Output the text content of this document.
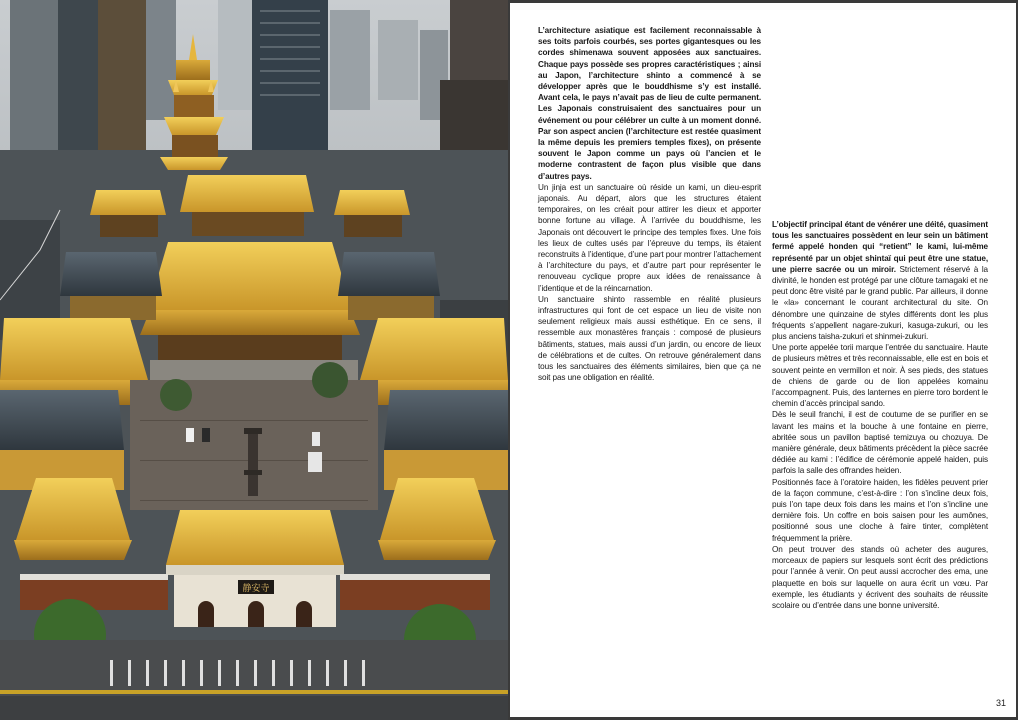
静安寺

L’architecture asiatique est facilement reconnaissable à ses toits parfois courbés, ses portes gigantesques ou les cordes shimenawa souvent apposées aux sanctuaires. Chaque pays possède ses propres caractéristiques ; ainsi au Japon, l’architecture shinto a commencé à se développer après que le bouddhisme s’y est installé. Avant cela, le pays n’avait pas de lieu de culte permanent. Les Japonais construisaient des sanctuaires pour un événement ou pour célébrer un culte à un moment donné. Par son aspect ancien (l’architecture est restée quasiment la même depuis les premiers temples fixes), on présente souvent le Japon comme un pays où l’ancien et le moderne contrastent de façon plus visible que dans d’autres pays.

Un jinja est un sanctuaire où réside un kami, un dieu-esprit japonais. Au départ, alors que les structures étaient temporaires, on les créait pour attirer les dieux et apporter bonne fortune au village. À l’arrivée du bouddhisme, les Japonais ont découvert le principe des temples fixes. Une fois les lieux de cultes usés par l’épreuve du temps, ils étaient reconstruits à l’identique, d’une part pour montrer l’attachement à l’architecture du pays, et d’autre part pour représenter le renouveau cyclique propre aux idées de renaissance à l’identique et de la réincarnation.

Un sanctuaire shinto rassemble en réalité plusieurs infrastructures qui font de cet espace un lieu de visite non seulement religieux mais aussi esthétique. En ce sens, il ressemble aux monastères français : composé de plusieurs bâtiments, statues, mais aussi d’un jardin, ou encore de lieux de célébrations et de cultes. On retrouve généralement dans tous les sanctuaires des éléments similaires, bien que ça ne soit pas une obligation en réalité.

L’objectif principal étant de vénérer une déité, quasiment tous les sanctuaires possèdent en leur sein un bâtiment fermé appelé honden qui “retient” le kami, lui-même représenté par un objet shintaï qui peut être une statue, une pierre sacrée ou un miroir. Strictement réservé à la divinité, le honden est protégé par une clôture tamagaki et ne peut donc être visité par le grand public. Par ailleurs, il donne le «la» concernant le courant architectural du site. On dénombre une quinzaine de styles différents dont les plus fréquents s’appellent nagare-zukuri, kasuga-zukuri, ou les plus anciens taisha-zukuri et shinmei-zukuri.

Une porte appelée torii marque l’entrée du sanctuaire. Haute de plusieurs mètres et très reconnaissable, elle est en bois et souvent peinte en vermillon et noir. À ses pieds, des statues de chiens de garde ou de lion appelées komainu l’accompagnent. Puis, des lanternes en pierre toro bordent le chemin d’accès principal sando.

Dès le seuil franchi, il est de coutume de se purifier en se lavant les mains et la bouche à une fontaine en pierre, abritée sous un pavillon baptisé temizuya ou chozuya. De manière générale, deux bâtiments précèdent la pièce sacrée dédiée au kami : l’édifice de cérémonie appelé haiden, puis parfois la salle des offrandes heiden.

Positionnés face à l’oratoire haiden, les fidèles peuvent prier de la façon commune, c’est-à-dire : l’on s’incline deux fois, puis l’on tape deux fois dans les mains et l’on s’incline une dernière fois. Un coffre en bois saisen pour les aumônes, positionné sous une cloche à faire tinter, complètent fréquemment la prière.

On peut trouver des stands où acheter des augures, morceaux de papiers sur lesquels sont écrit des prédictions pour l’année à venir. On peut aussi accrocher des ema, une plaquette en bois sur laquelle on aura écrit un vœu. Par exemple, les étudiants y écrivent des souhaits de réussite scolaire ou d’entrée dans une bonne université.

31
